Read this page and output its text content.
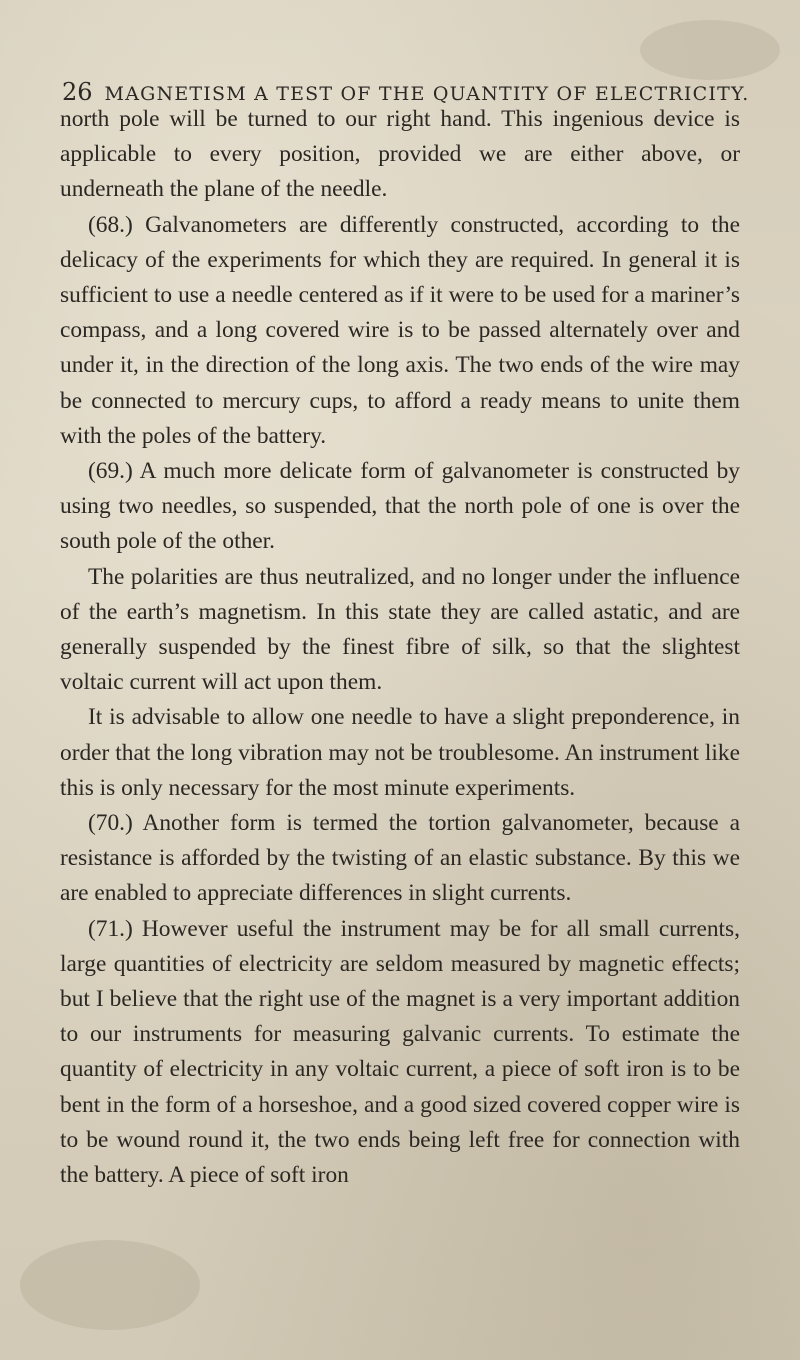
26 MAGNETISM A TEST OF THE QUANTITY OF ELECTRICITY.

north pole will be turned to our right hand. This ingenious device is applicable to every position, provided we are either above, or underneath the plane of the needle.

(68.) Galvanometers are differently constructed, according to the delicacy of the experiments for which they are required. In general it is sufficient to use a needle centered as if it were to be used for a mariner’s compass, and a long covered wire is to be passed alternately over and under it, in the direction of the long axis. The two ends of the wire may be connected to mercury cups, to afford a ready means to unite them with the poles of the battery.

(69.) A much more delicate form of galvanometer is constructed by using two needles, so suspended, that the north pole of one is over the south pole of the other.

The polarities are thus neutralized, and no longer under the influence of the earth’s magnetism. In this state they are called astatic, and are generally suspended by the finest fibre of silk, so that the slightest voltaic current will act upon them.

It is advisable to allow one needle to have a slight preponderence, in order that the long vibration may not be troublesome. An instrument like this is only necessary for the most minute experiments.

(70.) Another form is termed the tortion galvanometer, because a resistance is afforded by the twisting of an elastic substance. By this we are enabled to appreciate differences in slight currents.

(71.) However useful the instrument may be for all small currents, large quantities of electricity are seldom measured by magnetic effects; but I believe that the right use of the magnet is a very important addition to our instruments for measuring galvanic currents. To estimate the quantity of electricity in any voltaic current, a piece of soft iron is to be bent in the form of a horseshoe, and a good sized covered copper wire is to be wound round it, the two ends being left free for connection with the battery. A piece of soft iron
